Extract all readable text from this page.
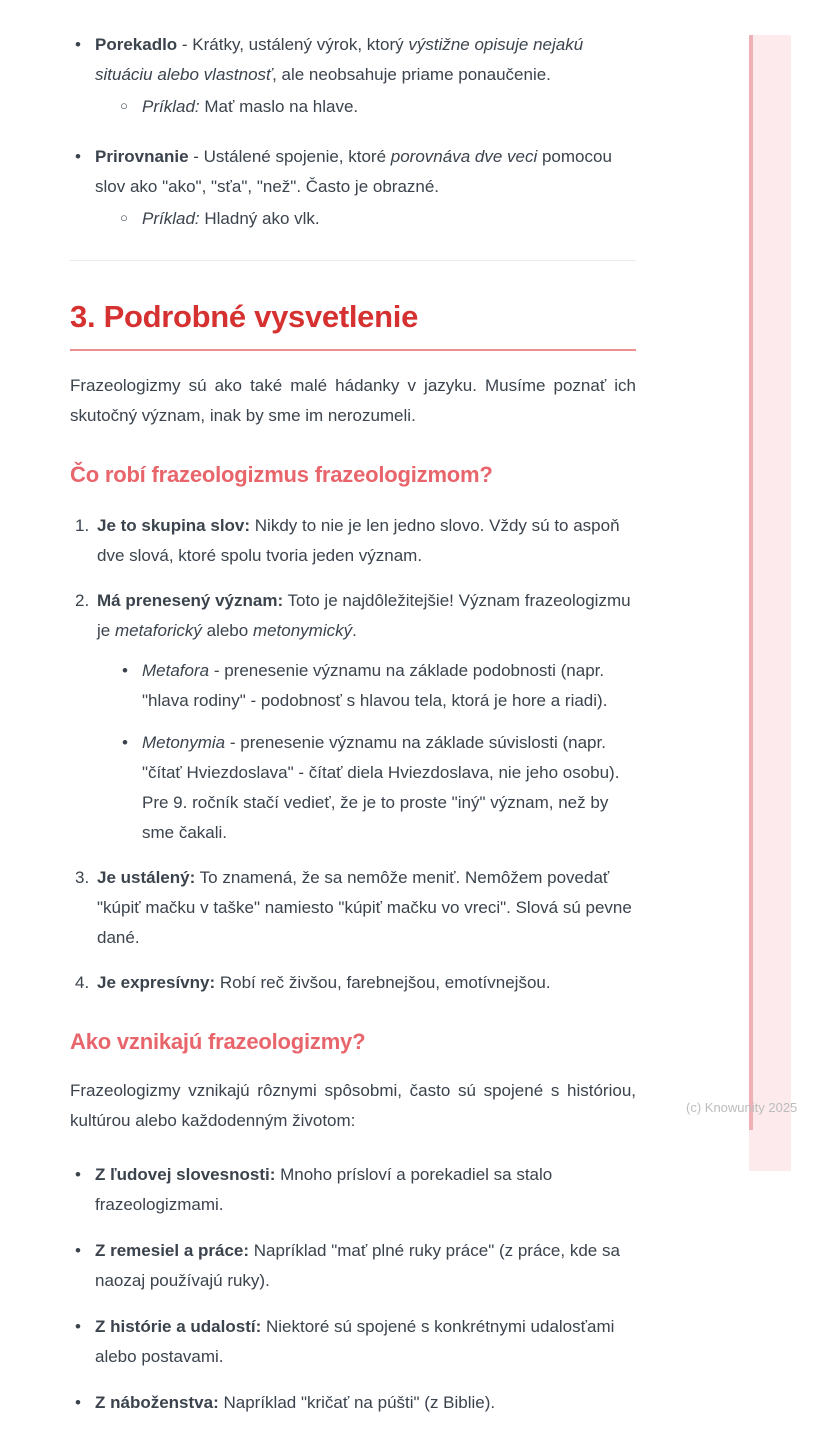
• Porekadlo - Krátky, ustálený výrok, ktorý výstižne opisuje nejakú situáciu alebo vlastnosť, ale neobsahuje priame ponaučenie.
○ Príklad: Mať maslo na hlave.
• Prirovnanie - Ustálené spojenie, ktoré porovnáva dve veci pomocou slov ako "ako", "sťa", "než". Často je obrazné.
○ Príklad: Hladný ako vlk.
3. Podrobné vysvetlenie

Frazeologizmy sú ako také malé hádanky v jazyku. Musíme poznať ich skutočný význam, inak by sme im nerozumeli.

Čo robí frazeologizmus frazeologizmom?
1. Je to skupina slov: Nikdy to nie je len jedno slovo. Vždy sú to aspoň dve slová, ktoré spolu tvoria jeden význam.
2. Má prenesený význam: Toto je najdôležitejšie! Význam frazeologizmu je metaforický alebo metonymický.
• Metafora - prenesenie významu na základe podobnosti (napr. "hlava rodiny" - podobnosť s hlavou tela, ktorá je hore a riadi).
• Metonymia - prenesenie významu na základe súvislosti (napr. "čítať Hviezdoslava" - čítať diela Hviezdoslava, nie jeho osobu). Pre 9. ročník stačí vedieť, že je to proste "iný" význam, než by sme čakali.
3. Je ustálený: To znamená, že sa nemôže meniť. Nemôžem povedať "kúpiť mačku v taške" namiesto "kúpiť mačku vo vreci". Slová sú pevne dané.
4. Je expresívny: Robí reč živšou, farebnejšou, emotívnejšou.
Ako vznikajú frazeologizmy?

Frazeologizmy vznikajú rôznymi spôsobmi, často sú spojené s históriou, kultúrou alebo každodenným životom:

• Z ľudovej slovesnosti: Mnoho prísloví a porekadiel sa stalo frazeologizmami.
• Z remesiel a práce: Napríklad "mať plné ruky práce" (z práce, kde sa naozaj používajú ruky).
• Z histórie a udalostí: Niektoré sú spojené s konkrétnymi udalosťami alebo postavami.
• Z náboženstva: Napríklad "kričať na púšti" (z Biblie).
(c) Knowunity 2025
